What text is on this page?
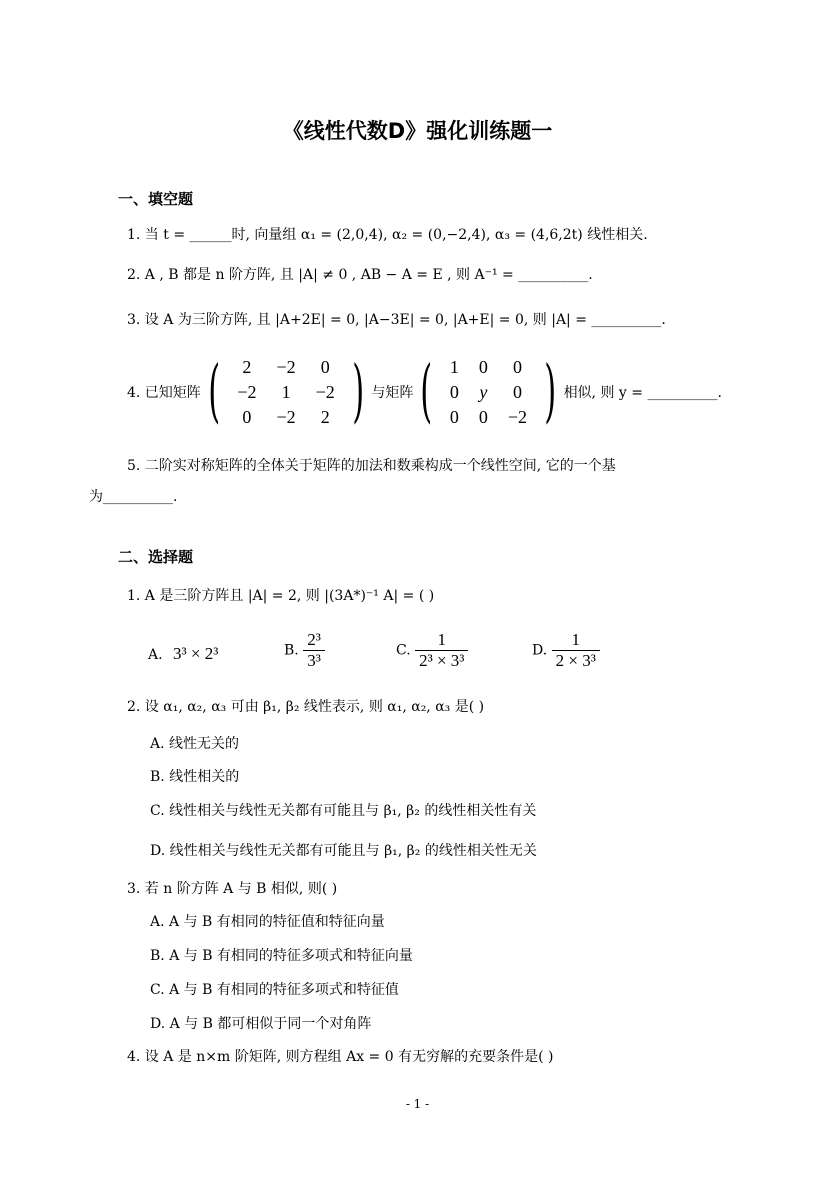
《线性代数D》强化训练题一
一、填空题
1. 当 t = ______时, 向量组 α₁ = (2,0,4), α₂ = (0,−2,4), α₃ = (4,6,2t) 线性相关.
2. A , B 都是 n 阶方阵, 且 |A| ≠ 0 , AB − A = E , 则 A⁻¹ = __________.
3. 设 A 为三阶方阵, 且 |A+2E| = 0, |A−3E| = 0, |A+E| = 0, 则 |A| = __________.
4. 已知矩阵 ( 2	−2	0
−2	1	−2
0	−2	2 ) 与矩阵 ( 1	0	0
0	y	0
0	0	−2 ) 相似, 则 y = __________.
5. 二阶实对称矩阵的全体关于矩阵的加法和数乘构成一个线性空间, 它的一个基
为__________.
二、选择题
1. A 是三阶方阵且 |A| = 2, 则 |(3A*)⁻¹ A| = ( )
A. 3³ × 2³	B. $\frac{\text{2³}}{\text{3³}}$	C. $\frac{1}{\text{2³ × 3³}}$	D. $\frac{1}{\text{2 × 3³}}$
2. 设 α₁, α₂, α₃ 可由 β₁, β₂ 线性表示, 则 α₁, α₂, α₃ 是( )
A. 线性无关的
B. 线性相关的
C. 线性相关与线性无关都有可能且与 β₁, β₂ 的线性相关性有关
D. 线性相关与线性无关都有可能且与 β₁, β₂ 的线性相关性无关
3. 若 n 阶方阵 A 与 B 相似, 则( )
A. A 与 B 有相同的特征值和特征向量
B. A 与 B 有相同的特征多项式和特征向量
C. A 与 B 有相同的特征多项式和特征值
D. A 与 B 都可相似于同一个对角阵
4. 设 A 是 n×m 阶矩阵, 则方程组 Ax = 0 有无穷解的充要条件是( )
- 1 -
